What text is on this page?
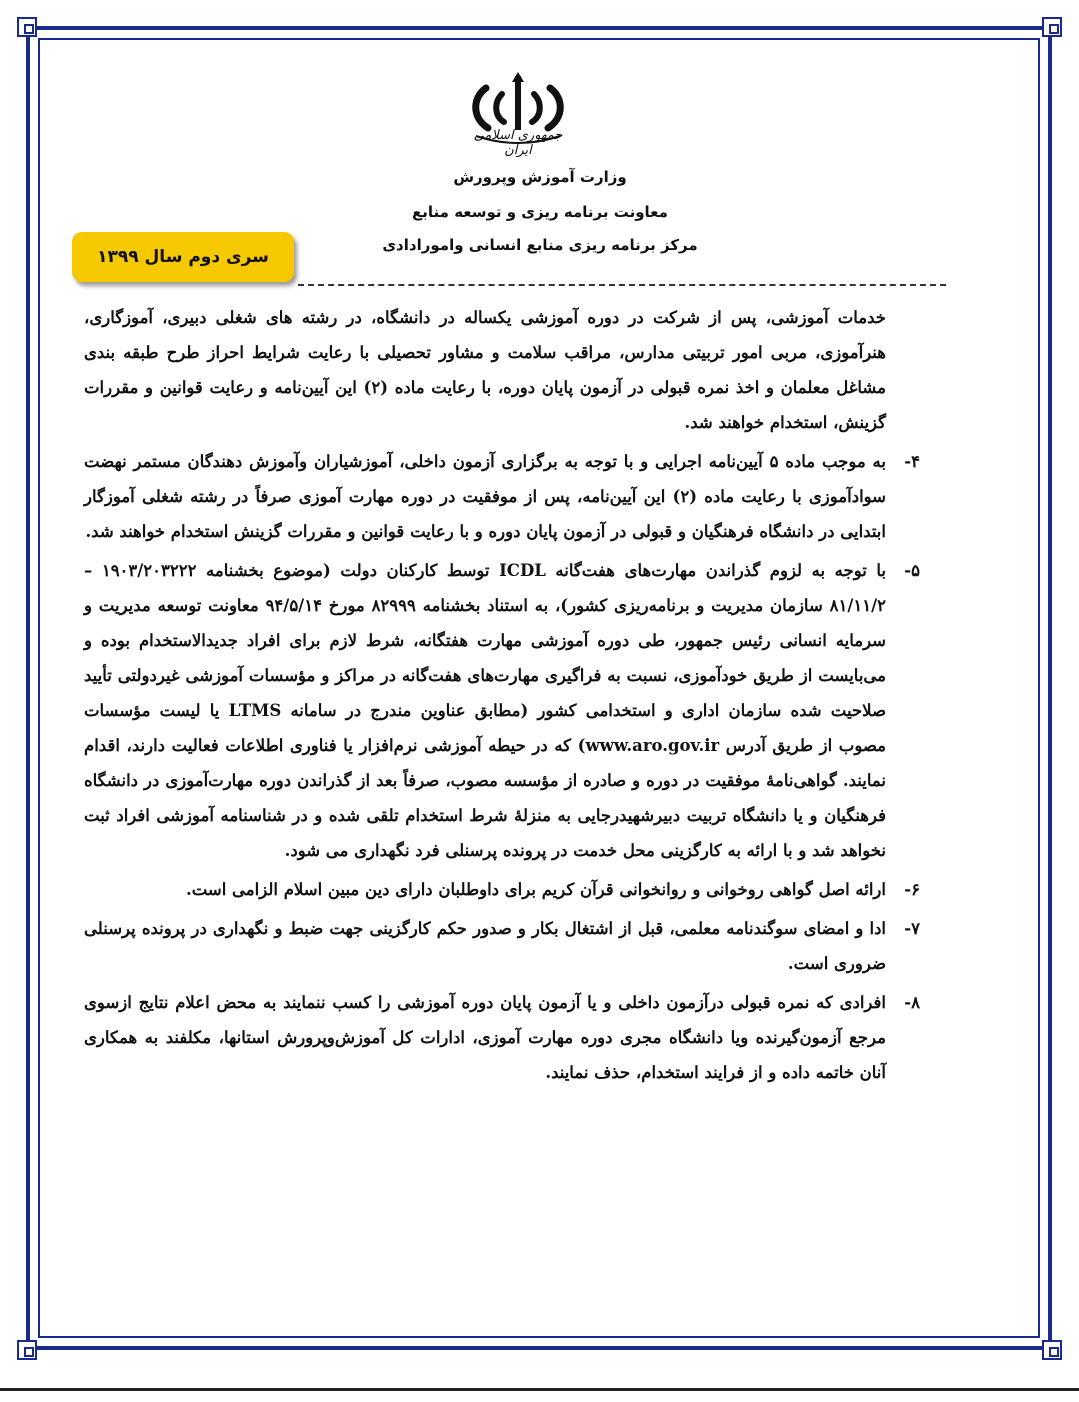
جمهوری اسلامی ایران
وزارت آموزش وپرورش
معاونت برنامه ریزی و توسعه منابع
مرکز برنامه ریزی منابع انسانی وامورادادی
سری دوم سال ۱۳۹۹
خدمات آموزشی، پس از شرکت در دوره آموزشی یکساله در دانشگاه، در رشته های شغلی دبیری، آموزگاری، هنرآموزی، مربی امور تربیتی مدارس، مراقب سلامت و مشاور تحصیلی با رعایت شرایط احراز طرح طبقه بندی مشاغل معلمان و اخذ نمره قبولی در آزمون پایان دوره، با رعایت ماده (۲) این آیین‌نامه و رعایت قوانین و مقررات گزینش، استخدام خواهند شد.
۴-
به موجب ماده ۵ آیین‌نامه اجرایی و با توجه به برگزاری آزمون داخلی، آموزشیاران وآموزش دهندگان مستمر نهضت سوادآموزی با رعایت ماده (۲) این آیین‌نامه، پس از موفقیت در دوره مهارت آموزی صرفاً در رشته شغلی آموزگار ابتدایی در دانشگاه فرهنگیان و قبولی در آزمون پایان دوره و با رعایت قوانین و مقررات گزینش استخدام خواهند شد.
۵-
با توجه به لزوم گذراندن مهارت‌های هفت‌گانه ICDL توسط کارکنان دولت (موضوع بخشنامه ۱۹۰۳/۲۰۳۲۲۲ – ۸۱/۱۱/۲ سازمان مدیریت و برنامه‌ریزی کشور)، به استناد بخشنامه ۸۲۹۹۹ مورخ ۹۴/۵/۱۴ معاونت توسعه مدیریت و سرمایه انسانی رئیس جمهور، طی دوره آموزشی مهارت هفتگانه، شرط لازم برای افراد جدیدالاستخدام بوده و می‌بایست از طریق خودآموزی، نسبت به فراگیری مهارت‌های هفت‌گانه در مراکز و مؤسسات آموزشی غیردولتی تأیید صلاحیت شده سازمان اداری و استخدامی کشور (مطابق عناوین مندرج در سامانه LTMS یا لیست مؤسسات مصوب از طریق آدرس www.aro.gov.ir) که در حیطه آموزشی نرم‌افزار یا فناوری اطلاعات فعالیت دارند، اقدام نمایند. گواهی‌نامهٔ موفقیت در دوره و صادره از مؤسسه مصوب، صرفاً بعد از گذراندن دوره مهارت‌آموزی در دانشگاه فرهنگیان و یا دانشگاه تربیت دبیرشهیدرجایی به منزلهٔ شرط استخدام تلقی شده و در شناسنامه آموزشی افراد ثبت نخواهد شد و با ارائه به کارگزینی محل خدمت در پرونده پرسنلی فرد نگهداری می شود.
۶-
ارائه اصل گواهی روخوانی و روانخوانی قرآن کریم برای داوطلبان دارای دین مبین اسلام الزامی است.
۷-
ادا و امضای سوگندنامه معلمی، قبل از اشتغال بکار و صدور حکم کارگزینی جهت ضبط و نگهداری در پرونده پرسنلی ضروری است.
۸-
افرادی که نمره قبولی درآزمون داخلی و یا آزمون پایان دوره آموزشی را کسب ننمایند به محض اعلام نتایج ازسوی مرجع آزمون‌گیرنده ویا دانشگاه مجری دوره مهارت آموزی، ادارات کل آموزش‌وپرورش استانها، مکلفند به همکاری آنان خاتمه داده و از فرایند استخدام، حذف نمایند.
